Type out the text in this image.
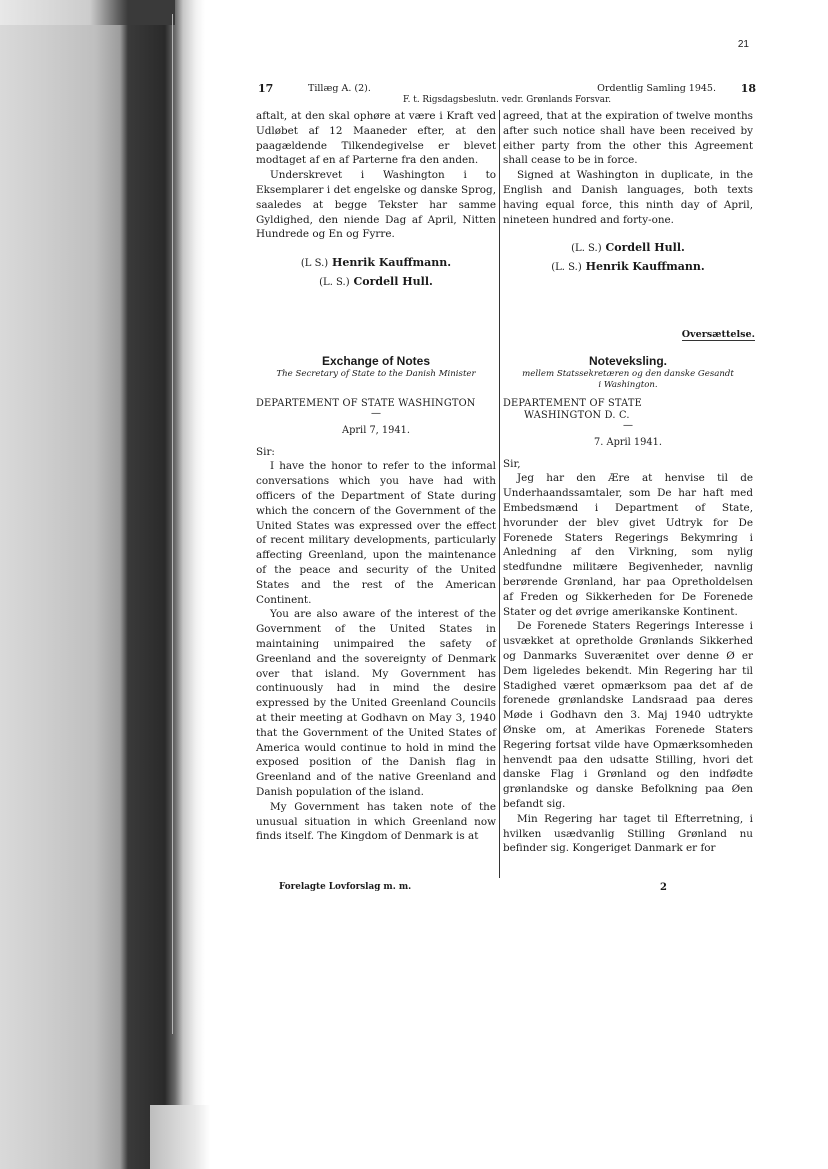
21
17	Tillæg A. (2).	Ordentlig Samling 1945. 18
F. t. Rigsdagsbeslutn. vedr. Grønlands Forsvar.

aftalt, at den skal ophøre at være i Kraft ved Udløbet af 12 Maaneder efter, at den paagældende Tilkendegivelse er blevet modtaget af en af Parterne fra den anden.

Underskrevet i Washington i to Eksemplarer i det engelske og danske Sprog, saaledes at begge Tekster har samme Gyldighed, den niende Dag af April, Nitten Hundrede og En og Fyrre.

(L S.) Henrik Kauffmann.
(L. S.) Cordell Hull.

agreed, that at the expiration of twelve months after such notice shall have been received by either party from the other this Agreement shall cease to be in force.

Signed at Washington in duplicate, in the English and Danish languages, both texts having equal force, this ninth day of April, nineteen hundred and forty-one.

(L. S.) Cordell Hull.
(L. S.) Henrik Kauffmann.
Oversættelse.
Exchange of Notes
The Secretary of State to the Danish Minister
DEPARTEMENT OF STATE WASHINGTON
—
April 7, 1941.

Sir:

I have the honor to refer to the informal conversations which you have had with officers of the Department of State during which the concern of the Government of the United States was expressed over the effect of recent military developments, particularly affecting Greenland, upon the maintenance of the peace and security of the United States and the rest of the American Continent.

You are also aware of the interest of the Government of the United States in maintaining unimpaired the safety of Greenland and the sovereignty of Denmark over that island. My Government has continuously had in mind the desire expressed by the United Greenland Councils at their meeting at Godhavn on May 3, 1940 that the Government of the United States of America would continue to hold in mind the exposed position of the Danish flag in Greenland and of the native Greenland and Danish population of the island.

My Government has taken note of the unusual situation in which Greenland now finds itself. The Kingdom of Denmark is at

Noteveksling.
mellem Statssekretæren og den danske Gesandt
i Washington.
DEPARTEMENT OF STATE
WASHINGTON D. C.
—
7. April 1941.

Sir,

Jeg har den Ære at henvise til de Underhaandssamtaler, som De har haft med Embedsmænd i Department of State, hvorunder der blev givet Udtryk for De Forenede Staters Regerings Bekymring i Anledning af den Virkning, som nylig stedfundne militære Begivenheder, navnlig berørende Grønland, har paa Opretholdelsen af Freden og Sikkerheden for De Forenede Stater og det øvrige amerikanske Kontinent.

De Forenede Staters Regerings Interesse i usvækket at opretholde Grønlands Sikkerhed og Danmarks Suverænitet over denne Ø er Dem ligeledes bekendt. Min Regering har til Stadighed været opmærksom paa det af de forenede grønlandske Landsraad paa deres Møde i Godhavn den 3. Maj 1940 udtrykte Ønske om, at Amerikas Forenede Staters Regering fortsat vilde have Opmærksomheden henvendt paa den udsatte Stilling, hvori det danske Flag i Grønland og den indfødte grønlandske og danske Befolkning paa Øen befandt sig.

Min Regering har taget til Efterretning, i hvilken usædvanlig Stilling Grønland nu befinder sig. Kongeriget Danmark er for

Forelagte Lovforslag m. m.	2
